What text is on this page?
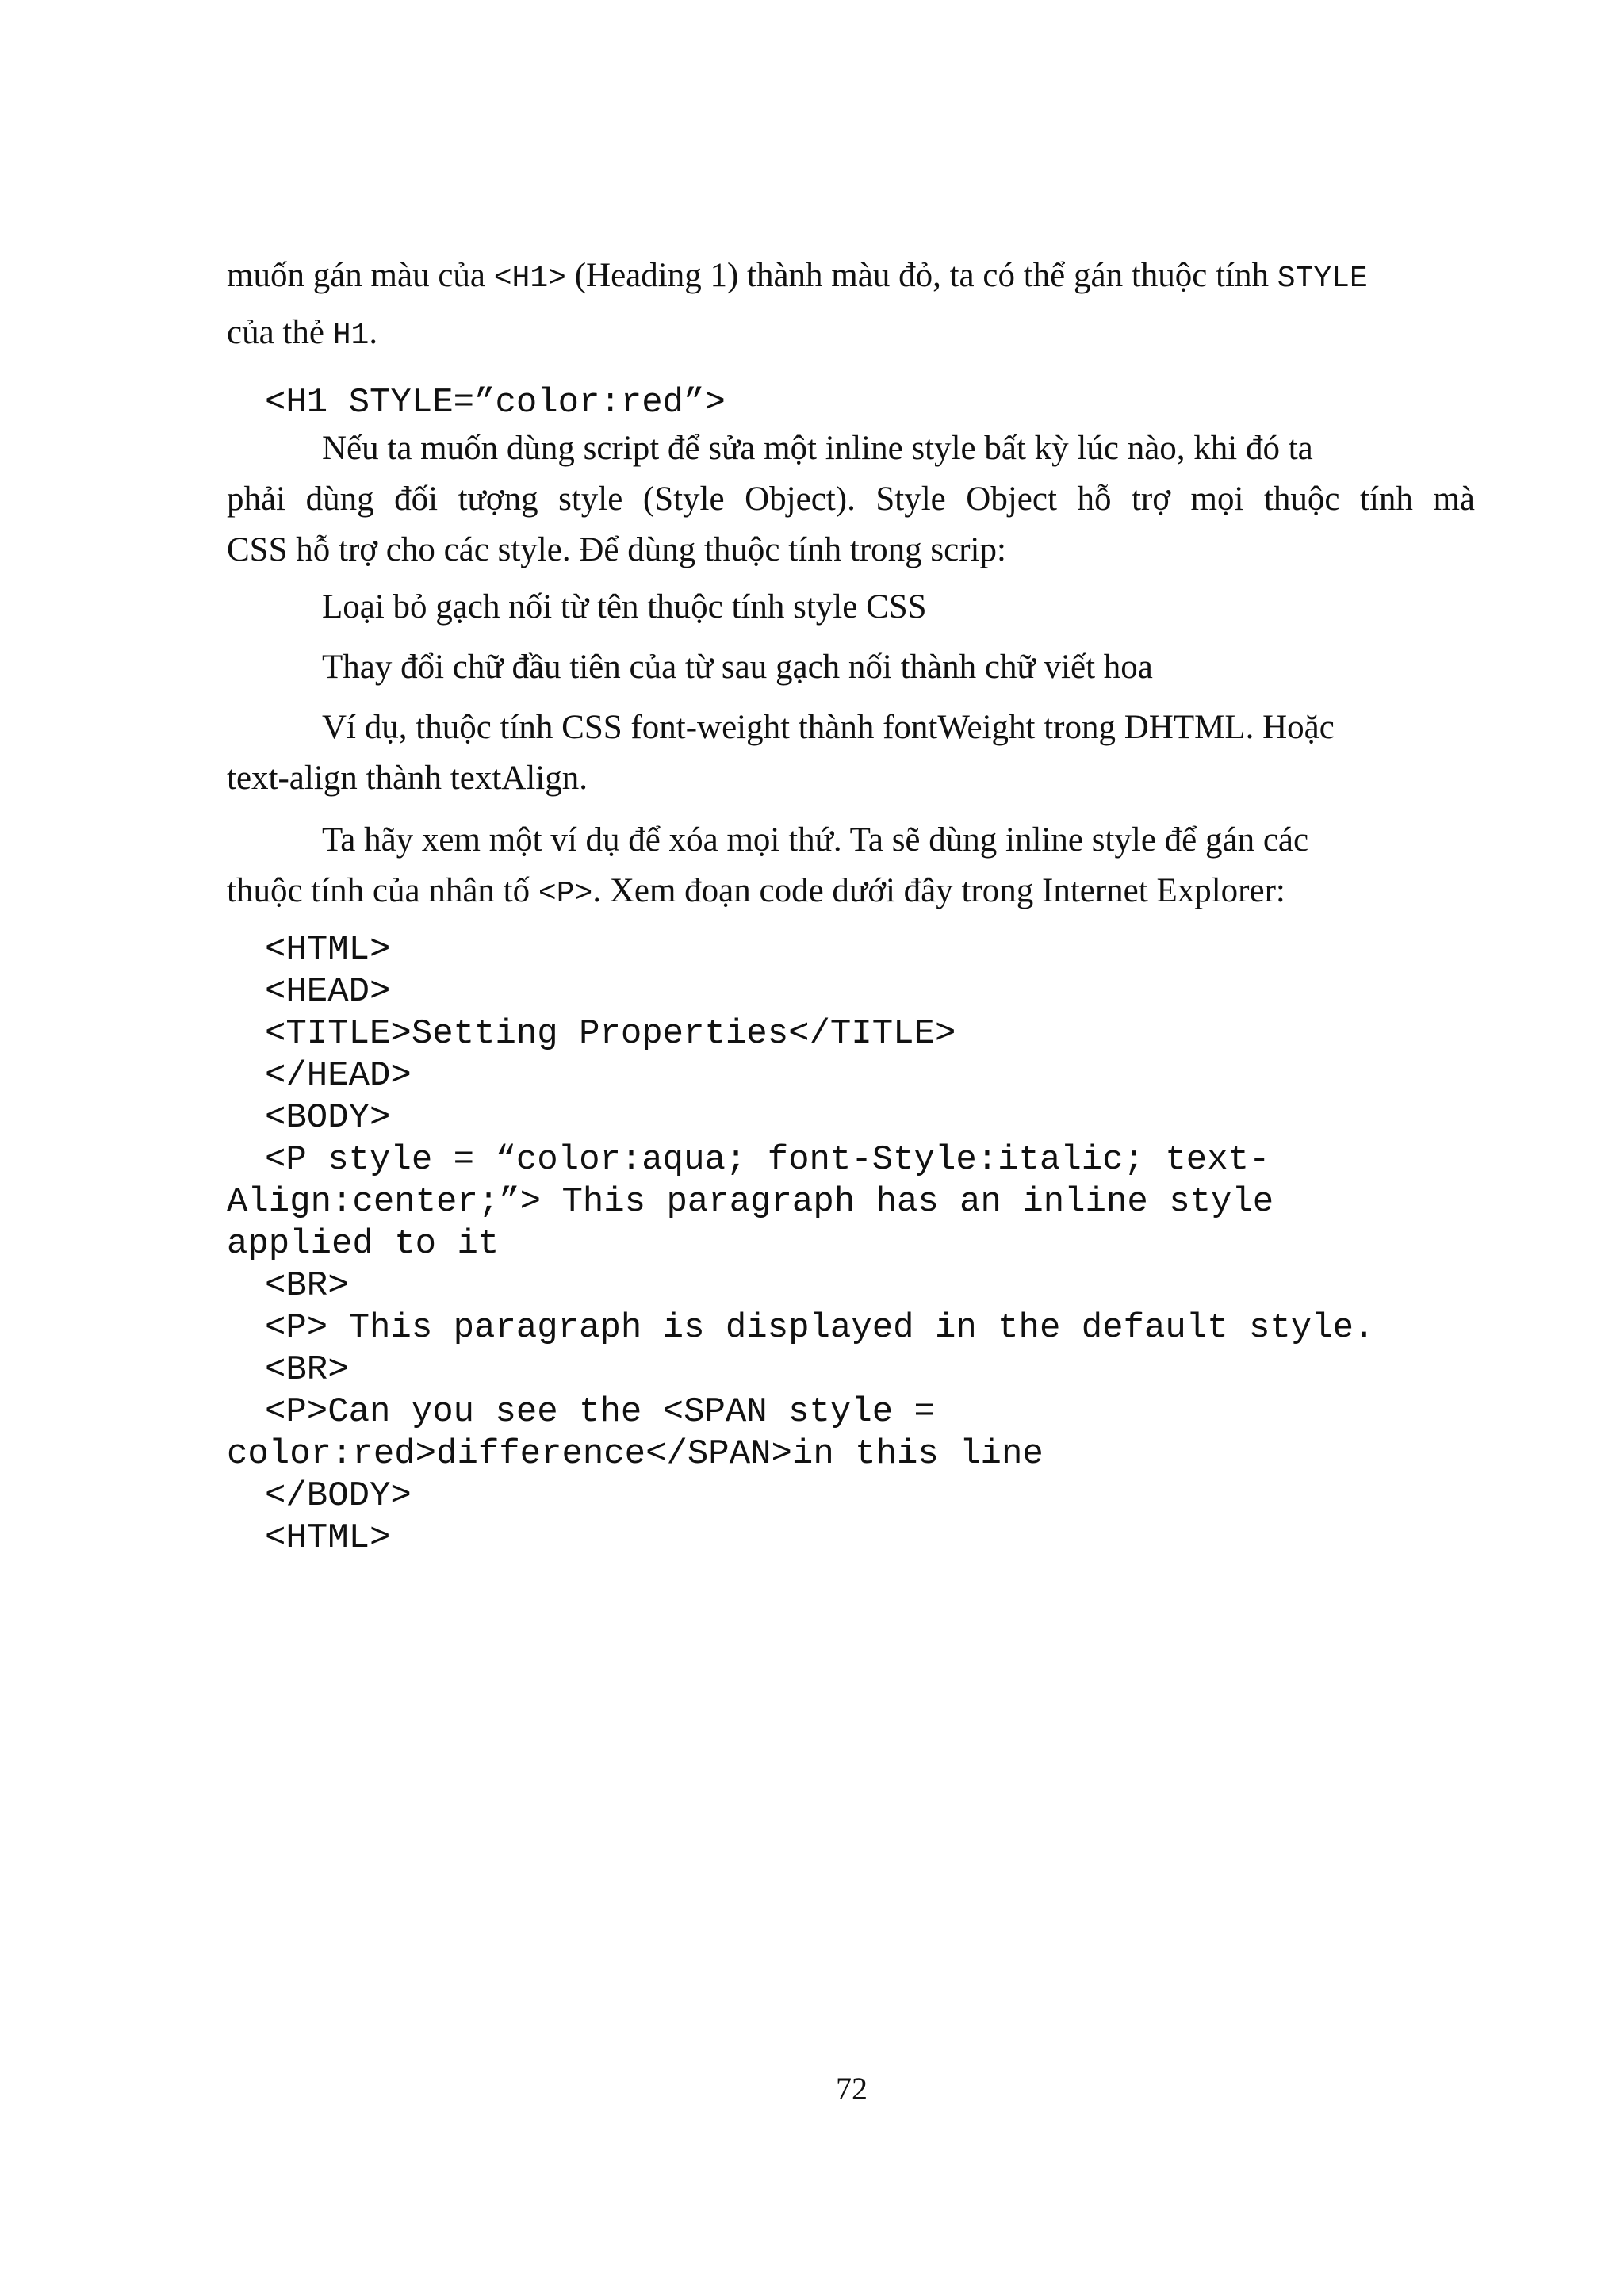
muốn gán màu của <H1> (Heading 1) thành màu đỏ, ta có thể gán thuộc tính STYLE
của thẻ H1.
<H1 STYLE=”color:red”>
Nếu ta muốn dùng script để sửa một inline style bất kỳ lúc nào, khi đó ta
phải dùng đối tượng style (Style Object). Style Object hỗ trợ mọi thuộc tính mà
CSS hỗ trợ cho các style. Để dùng thuộc tính trong scrip:
Loại bỏ gạch nối từ tên thuộc tính style CSS
Thay đổi chữ đầu tiên của từ sau gạch nối thành chữ viết hoa
Ví dụ, thuộc tính CSS font-weight thành fontWeight trong DHTML. Hoặc
text-align thành textAlign.
Ta hãy xem một ví dụ để xóa mọi thứ. Ta sẽ dùng inline style để gán các
thuộc tính của nhân tố <P>. Xem đoạn code dưới đây trong Internet Explorer:
<HTML>
<HEAD>
<TITLE>Setting Properties</TITLE>
</HEAD>
<BODY>
<P style = “color:aqua; font-Style:italic; text-
Align:center;”> This paragraph has an inline style
applied to it
<BR>
<P> This paragraph is displayed in the default style.
<BR>
<P>Can you see the <SPAN style =
color:red>difference</SPAN>in this line
</BODY>
<HTML>
72
